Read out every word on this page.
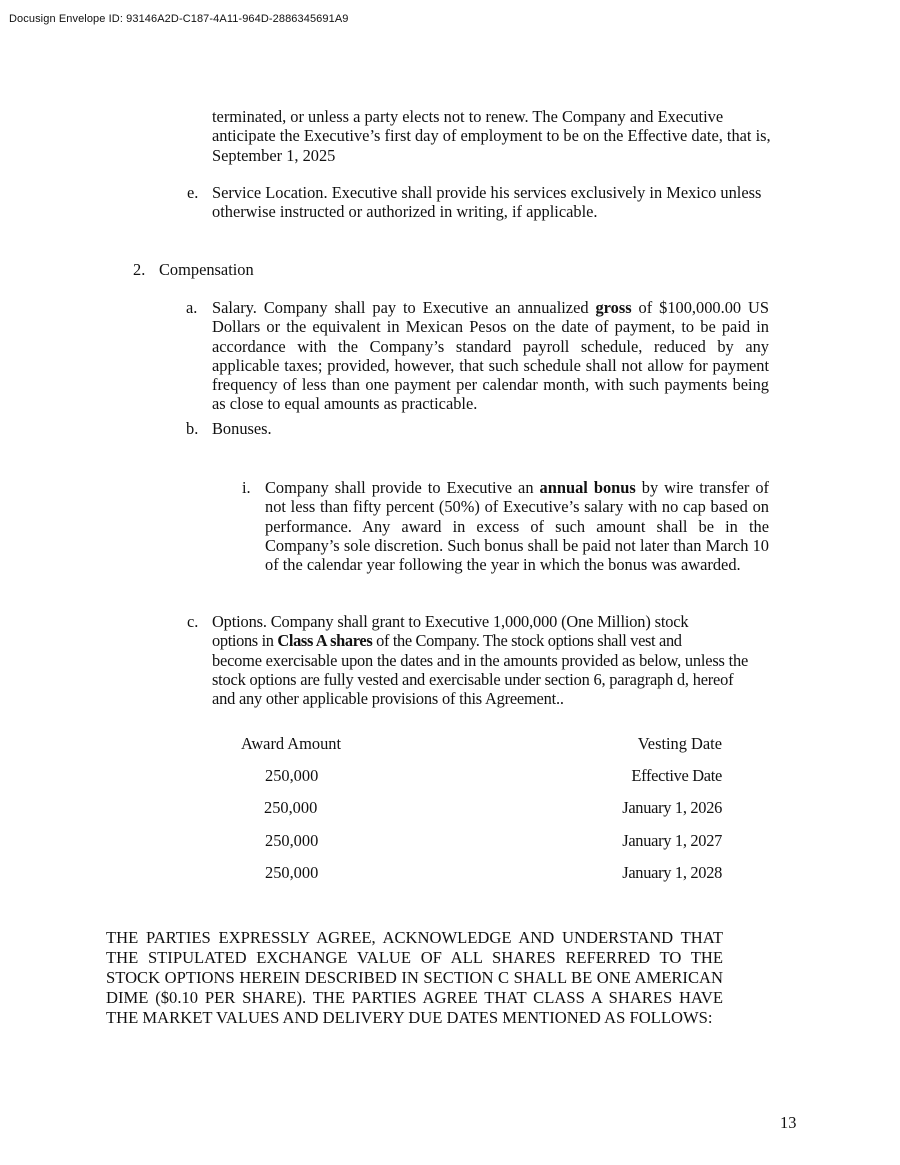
Docusign Envelope ID: 93146A2D-C187-4A11-964D-2886345691A9
terminated, or unless a party elects not to renew. The Company and Executive anticipate the Executive’s first day of employment to be on the Effective date, that is, September 1, 2025
e. Service Location. Executive shall provide his services exclusively in Mexico unless otherwise instructed or authorized in writing, if applicable.
2. Compensation
a. Salary. Company shall pay to Executive an annualized gross of $100,000.00 US Dollars or the equivalent in Mexican Pesos on the date of payment, to be paid in accordance with the Company’s standard payroll schedule, reduced by any applicable taxes; provided, however, that such schedule shall not allow for payment frequency of less than one payment per calendar month, with such payments being as close to equal amounts as practicable.
b. Bonuses.
i. Company shall provide to Executive an annual bonus by wire transfer of not less than fifty percent (50%) of Executive’s salary with no cap based on performance. Any award in excess of such amount shall be in the Company’s sole discretion. Such bonus shall be paid not later than March 10 of the calendar year following the year in which the bonus was awarded.
c. Options. Company shall grant to Executive 1,000,000 (One Million) stock
options in Class A shares of the Company. The stock options shall vest and
become exercisable upon the dates and in the amounts provided as below, unless the stock options are fully vested and exercisable under section 6, paragraph d, hereof and any other applicable provisions of this Agreement..
Award Amount	Vesting Date
250,000	Effective Date
250,000	January 1, 2026
250,000	January 1, 2027
250,000	January 1, 2028
THE PARTIES EXPRESSLY AGREE, ACKNOWLEDGE AND UNDERSTAND THAT THE STIPULATED EXCHANGE VALUE OF ALL SHARES REFERRED TO THE STOCK OPTIONS HEREIN DESCRIBED IN SECTION C SHALL BE ONE AMERICAN DIME ($0.10 PER SHARE). THE PARTIES AGREE THAT CLASS A SHARES HAVE THE MARKET VALUES AND DELIVERY DUE DATES MENTIONED AS FOLLOWS:
13
